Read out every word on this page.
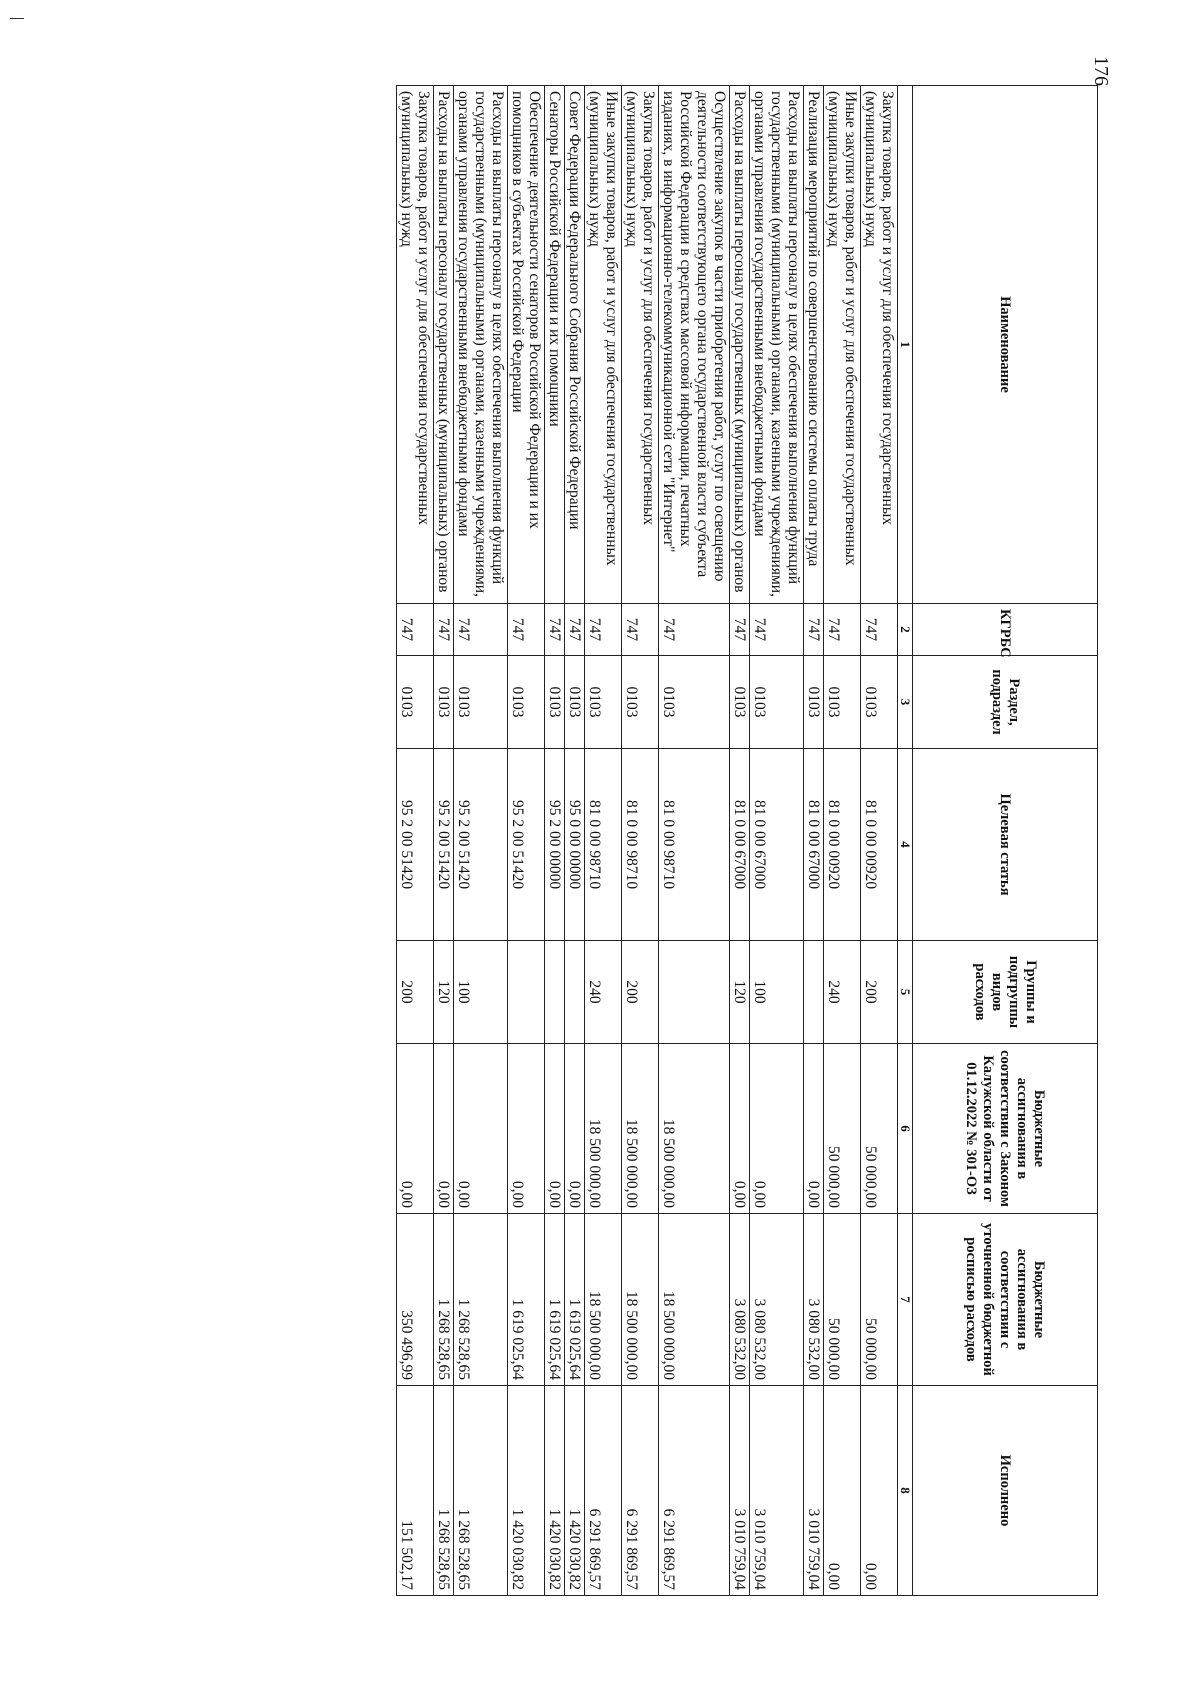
176
Наименование	КГРБС	Раздел, подраздел	Целевая статья	Группы и подгруппы видов расходов	Бюджетные ассигнования в соответствии с Законом Калужской области от 01.12.2022 № 301-ОЗ	Бюджетные ассигнования в соответствии с уточненной бюджетной росписью расходов	Исполнено
1	2	3	4	5	6	7	8
Закупка товаров, работ и услуг для обеспечения государственных (муниципальных) нужд	747	0103	81 0 00 00920	200	50 000,00	50 000,00	0,00
Иные закупки товаров, работ и услуг для обеспечения государственных (муниципальных) нужд	747	0103	81 0 00 00920	240	50 000,00	50 000,00	0,00
Реализация мероприятий по совершенствованию системы оплаты труда	747	0103	81 0 00 67000		0,00	3 080 532,00	3 010 759,04
Расходы на выплаты персоналу в целях обеспечения выполнения функций государственными (муниципальными) органами, казенными учреждениями, органами управления государственными внебюджетными фондами	747	0103	81 0 00 67000	100	0,00	3 080 532,00	3 010 759,04
Расходы на выплаты персоналу государственных (муниципальных) органов	747	0103	81 0 00 67000	120	0,00	3 080 532,00	3 010 759,04
Осуществление закупок в части приобретения работ, услуг по освещению деятельности соответствующего органа государственной власти субъекта Российской Федерации в средствах массовой информации, печатных изданиях, в информационно-телекоммуникационной сети "Интернет"	747	0103	81 0 00 98710		18 500 000,00	18 500 000,00	6 291 869,57
Закупка товаров, работ и услуг для обеспечения государственных (муниципальных) нужд	747	0103	81 0 00 98710	200	18 500 000,00	18 500 000,00	6 291 869,57
Иные закупки товаров, работ и услуг для обеспечения государственных (муниципальных) нужд	747	0103	81 0 00 98710	240	18 500 000,00	18 500 000,00	6 291 869,57
Совет Федерации Федерального Собрания Российской Федерации	747	0103	95 0 00 00000		0,00	1 619 025,64	1 420 030,82
Сенаторы Российской Федерации и их помощники	747	0103	95 2 00 00000		0,00	1 619 025,64	1 420 030,82
Обеспечение деятельности сенаторов Российской Федерации и их помощников в субъектах Российской Федерации	747	0103	95 2 00 51420		0,00	1 619 025,64	1 420 030,82
Расходы на выплаты персоналу в целях обеспечения выполнения функций государственными (муниципальными) органами, казенными учреждениями, органами управления государственными внебюджетными фондами	747	0103	95 2 00 51420	100	0,00	1 268 528,65	1 268 528,65
Расходы на выплаты персоналу государственных (муниципальных) органов	747	0103	95 2 00 51420	120	0,00	1 268 528,65	1 268 528,65
Закупка товаров, работ и услуг для обеспечения государственных (муниципальных) нужд	747	0103	95 2 00 51420	200	0,00	350 496,99	151 502,17
